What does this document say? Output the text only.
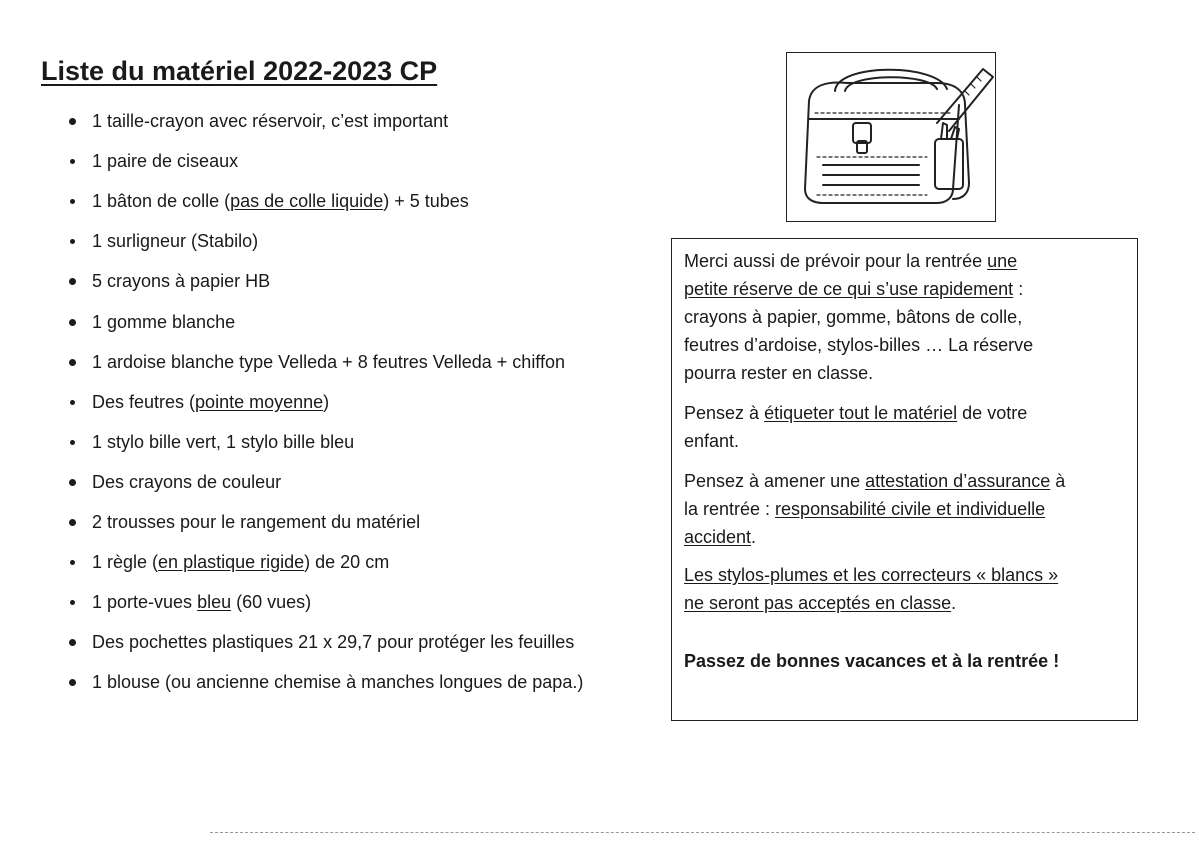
Liste du matériel 2022-2023 CP
1 taille-crayon avec réservoir, c’est important
1 paire de ciseaux
1 bâton de colle (pas de colle liquide) + 5 tubes
1 surligneur (Stabilo)
5 crayons à papier HB
1 gomme blanche
1 ardoise blanche type Velleda + 8 feutres Velleda + chiffon
Des feutres (pointe moyenne)
1 stylo bille vert, 1 stylo bille bleu
Des crayons de couleur
2 trousses pour le rangement du matériel
1 règle (en plastique rigide) de 20 cm
1 porte-vues bleu (60 vues)
Des pochettes plastiques 21 x 29,7 pour protéger les feuilles
1 blouse (ou ancienne chemise à manches longues de papa.)

Merci aussi de prévoir pour la rentrée une
petite réserve de ce qui s’use rapidement :
crayons à papier, gomme, bâtons de colle,
feutres d’ardoise, stylos-billes … La réserve
pourra rester en classe.

Pensez à étiqueter tout le matériel de votre
enfant.

Pensez à amener une attestation d’assurance à
la rentrée : responsabilité civile et individuelle
accident.

Les stylos-plumes et les correcteurs « blancs »
ne seront pas acceptés en classe.

Passez de bonnes vacances et à la rentrée !
